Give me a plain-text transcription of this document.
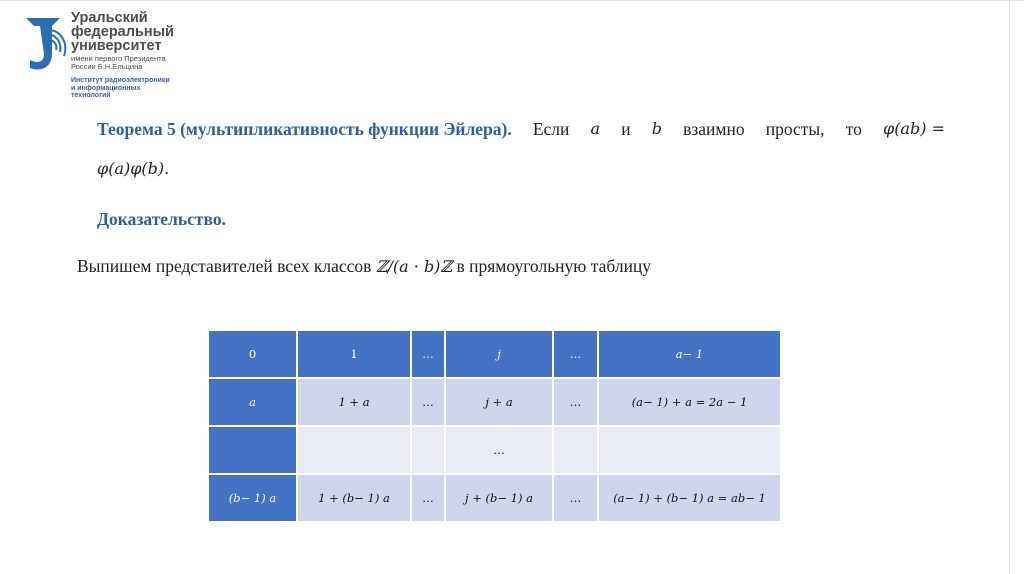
Уральский
федеральный
университет
имени первого Президента
России Б.Н.Ельцина
Институт радиоэлектроники
и информационных
технологий
Теорема 5 (мультипликативность функции Эйлера). Если a и b взаимно просты, то φ(ab) =
φ(a)φ(b).
Доказательство.
Выпишем представителей всех классов ℤ/(a · b)ℤ в прямоугольную таблицу
0	1	…	j	…	a− 1
a	1 + a	…	j + a	…	(a− 1) + a = 2a − 1
			…		
(b− 1) a	1 + (b− 1) a	…	j + (b− 1) a	…	(a− 1) + (b− 1) a = ab− 1
